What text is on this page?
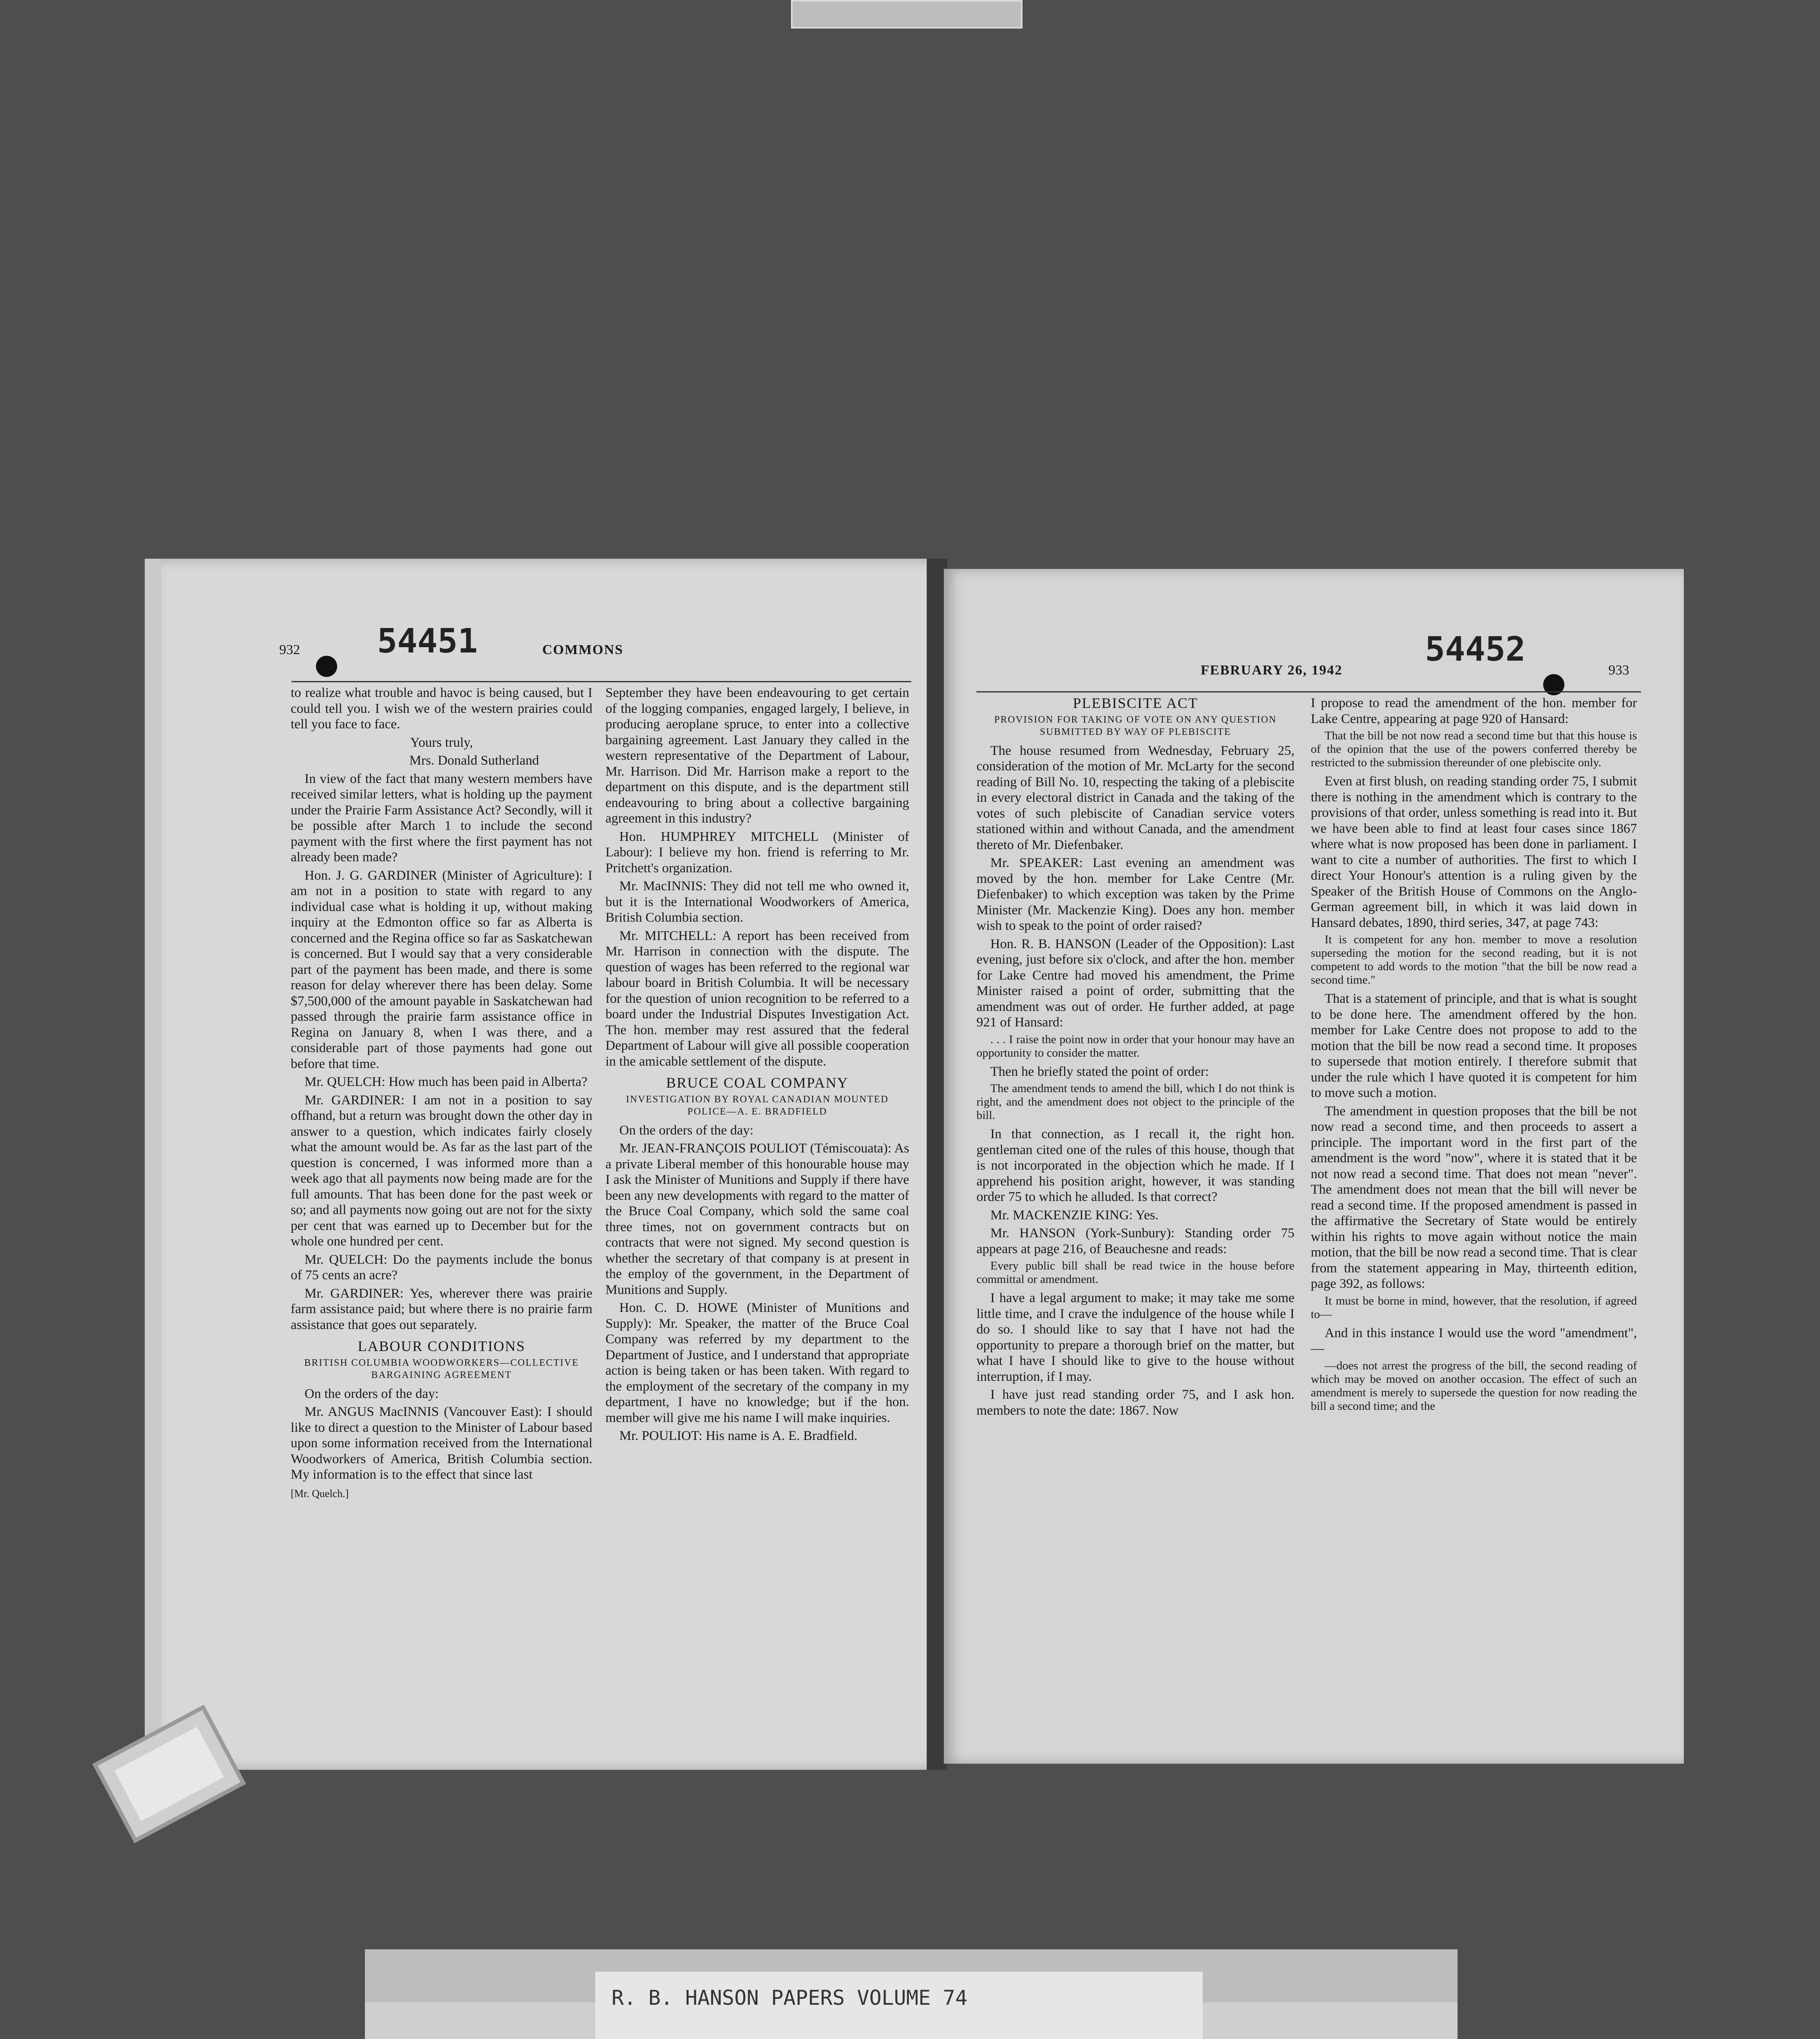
932 54451	COMMONS

to realize what trouble and havoc is being caused, but I could tell you. I wish we of the western prairies could tell you face to face.

Yours truly,

Mrs. Donald Sutherland

In view of the fact that many western members have received similar letters, what is holding up the payment under the Prairie Farm Assistance Act? Secondly, will it be possible after March 1 to include the second payment with the first where the first payment has not already been made?

Hon. J. G. GARDINER (Minister of Agriculture): I am not in a position to state with regard to any individual case what is holding it up, without making inquiry at the Edmonton office so far as Alberta is concerned and the Regina office so far as Saskatchewan is concerned. But I would say that a very considerable part of the payment has been made, and there is some reason for delay wherever there has been delay. Some $7,500,000 of the amount payable in Saskatchewan had passed through the prairie farm assistance office in Regina on January 8, when I was there, and a considerable part of those payments had gone out before that time.

Mr. QUELCH: How much has been paid in Alberta?

Mr. GARDINER: I am not in a position to say offhand, but a return was brought down the other day in answer to a question, which indicates fairly closely what the amount would be. As far as the last part of the question is concerned, I was informed more than a week ago that all payments now being made are for the full amounts. That has been done for the past week or so; and all payments now going out are not for the sixty per cent that was earned up to December but for the whole one hundred per cent.

Mr. QUELCH: Do the payments include the bonus of 75 cents an acre?

Mr. GARDINER: Yes, wherever there was prairie farm assistance paid; but where there is no prairie farm assistance that goes out separately.

LABOUR CONDITIONS
BRITISH COLUMBIA WOODWORKERS—COLLECTIVE BARGAINING AGREEMENT

On the orders of the day:

Mr. ANGUS MacINNIS (Vancouver East): I should like to direct a question to the Minister of Labour based upon some information received from the International Woodworkers of America, British Columbia section. My information is to the effect that since last

[Mr. Quelch.]

September they have been endeavouring to get certain of the logging companies, engaged largely, I believe, in producing aeroplane spruce, to enter into a collective bargaining agreement. Last January they called in the western representative of the Department of Labour, Mr. Harrison. Did Mr. Harrison make a report to the department on this dispute, and is the department still endeavouring to bring about a collective bargaining agreement in this industry?

Hon. HUMPHREY MITCHELL (Minister of Labour): I believe my hon. friend is referring to Mr. Pritchett's organization.

Mr. MacINNIS: They did not tell me who owned it, but it is the International Woodworkers of America, British Columbia section.

Mr. MITCHELL: A report has been received from Mr. Harrison in connection with the dispute. The question of wages has been referred to the regional war labour board in British Columbia. It will be necessary for the question of union recognition to be referred to a board under the Industrial Disputes Investigation Act. The hon. member may rest assured that the federal Department of Labour will give all possible cooperation in the amicable settlement of the dispute.

BRUCE COAL COMPANY
INVESTIGATION BY ROYAL CANADIAN MOUNTED POLICE—A. E. BRADFIELD

On the orders of the day:

Mr. JEAN-FRANÇOIS POULIOT (Témiscouata): As a private Liberal member of this honourable house may I ask the Minister of Munitions and Supply if there have been any new developments with regard to the matter of the Bruce Coal Company, which sold the same coal three times, not on government contracts but on contracts that were not signed. My second question is whether the secretary of that company is at present in the employ of the government, in the Department of Munitions and Supply.

Hon. C. D. HOWE (Minister of Munitions and Supply): Mr. Speaker, the matter of the Bruce Coal Company was referred by my department to the Department of Justice, and I understand that appropriate action is being taken or has been taken. With regard to the employment of the secretary of the company in my department, I have no knowledge; but if the hon. member will give me his name I will make inquiries.

Mr. POULIOT: His name is A. E. Bradfield.

FEBRUARY 26, 1942
54452
933
PLEBISCITE ACT
PROVISION FOR TAKING OF VOTE ON ANY QUESTION SUBMITTED BY WAY OF PLEBISCITE

The house resumed from Wednesday, February 25, consideration of the motion of Mr. McLarty for the second reading of Bill No. 10, respecting the taking of a plebiscite in every electoral district in Canada and the taking of the votes of such plebiscite of Canadian service voters stationed within and without Canada, and the amendment thereto of Mr. Diefenbaker.

Mr. SPEAKER: Last evening an amendment was moved by the hon. member for Lake Centre (Mr. Diefenbaker) to which exception was taken by the Prime Minister (Mr. Mackenzie King). Does any hon. member wish to speak to the point of order raised?

Hon. R. B. HANSON (Leader of the Opposition): Last evening, just before six o'clock, and after the hon. member for Lake Centre had moved his amendment, the Prime Minister raised a point of order, submitting that the amendment was out of order. He further added, at page 921 of Hansard:

. . . I raise the point now in order that your honour may have an opportunity to consider the matter.

Then he briefly stated the point of order:

The amendment tends to amend the bill, which I do not think is right, and the amendment does not object to the principle of the bill.

In that connection, as I recall it, the right hon. gentleman cited one of the rules of this house, though that is not incorporated in the objection which he made. If I apprehend his position aright, however, it was standing order 75 to which he alluded. Is that correct?

Mr. MACKENZIE KING: Yes.

Mr. HANSON (York-Sunbury): Standing order 75 appears at page 216, of Beauchesne and reads:

Every public bill shall be read twice in the house before committal or amendment.

I have a legal argument to make; it may take me some little time, and I crave the indulgence of the house while I do so. I should like to say that I have not had the opportunity to prepare a thorough brief on the matter, but what I have I should like to give to the house without interruption, if I may.

I have just read standing order 75, and I ask hon. members to note the date: 1867. Now

I propose to read the amendment of the hon. member for Lake Centre, appearing at page 920 of Hansard:

That the bill be not now read a second time but that this house is of the opinion that the use of the powers conferred thereby be restricted to the submission thereunder of one plebiscite only.

Even at first blush, on reading standing order 75, I submit there is nothing in the amendment which is contrary to the provisions of that order, unless something is read into it. But we have been able to find at least four cases since 1867 where what is now proposed has been done in parliament. I want to cite a number of authorities. The first to which I direct Your Honour's attention is a ruling given by the Speaker of the British House of Commons on the Anglo-German agreement bill, in which it was laid down in Hansard debates, 1890, third series, 347, at page 743:

It is competent for any hon. member to move a resolution superseding the motion for the second reading, but it is not competent to add words to the motion "that the bill be now read a second time."

That is a statement of principle, and that is what is sought to be done here. The amendment offered by the hon. member for Lake Centre does not propose to add to the motion that the bill be now read a second time. It proposes to supersede that motion entirely. I therefore submit that under the rule which I have quoted it is competent for him to move such a motion.

The amendment in question proposes that the bill be not now read a second time, and then proceeds to assert a principle. The important word in the first part of the amendment is the word "now", where it is stated that it be not now read a second time. That does not mean "never". The amendment does not mean that the bill will never be read a second time. If the proposed amendment is passed in the affirmative the Secretary of State would be entirely within his rights to move again without notice the main motion, that the bill be now read a second time. That is clear from the statement appearing in May, thirteenth edition, page 392, as follows:

It must be borne in mind, however, that the resolution, if agreed to—

And in this instance I would use the word "amendment",—

—does not arrest the progress of the bill, the second reading of which may be moved on another occasion. The effect of such an amendment is merely to supersede the question for now reading the bill a second time; and the

R. B. HANSON PAPERS VOLUME 74
